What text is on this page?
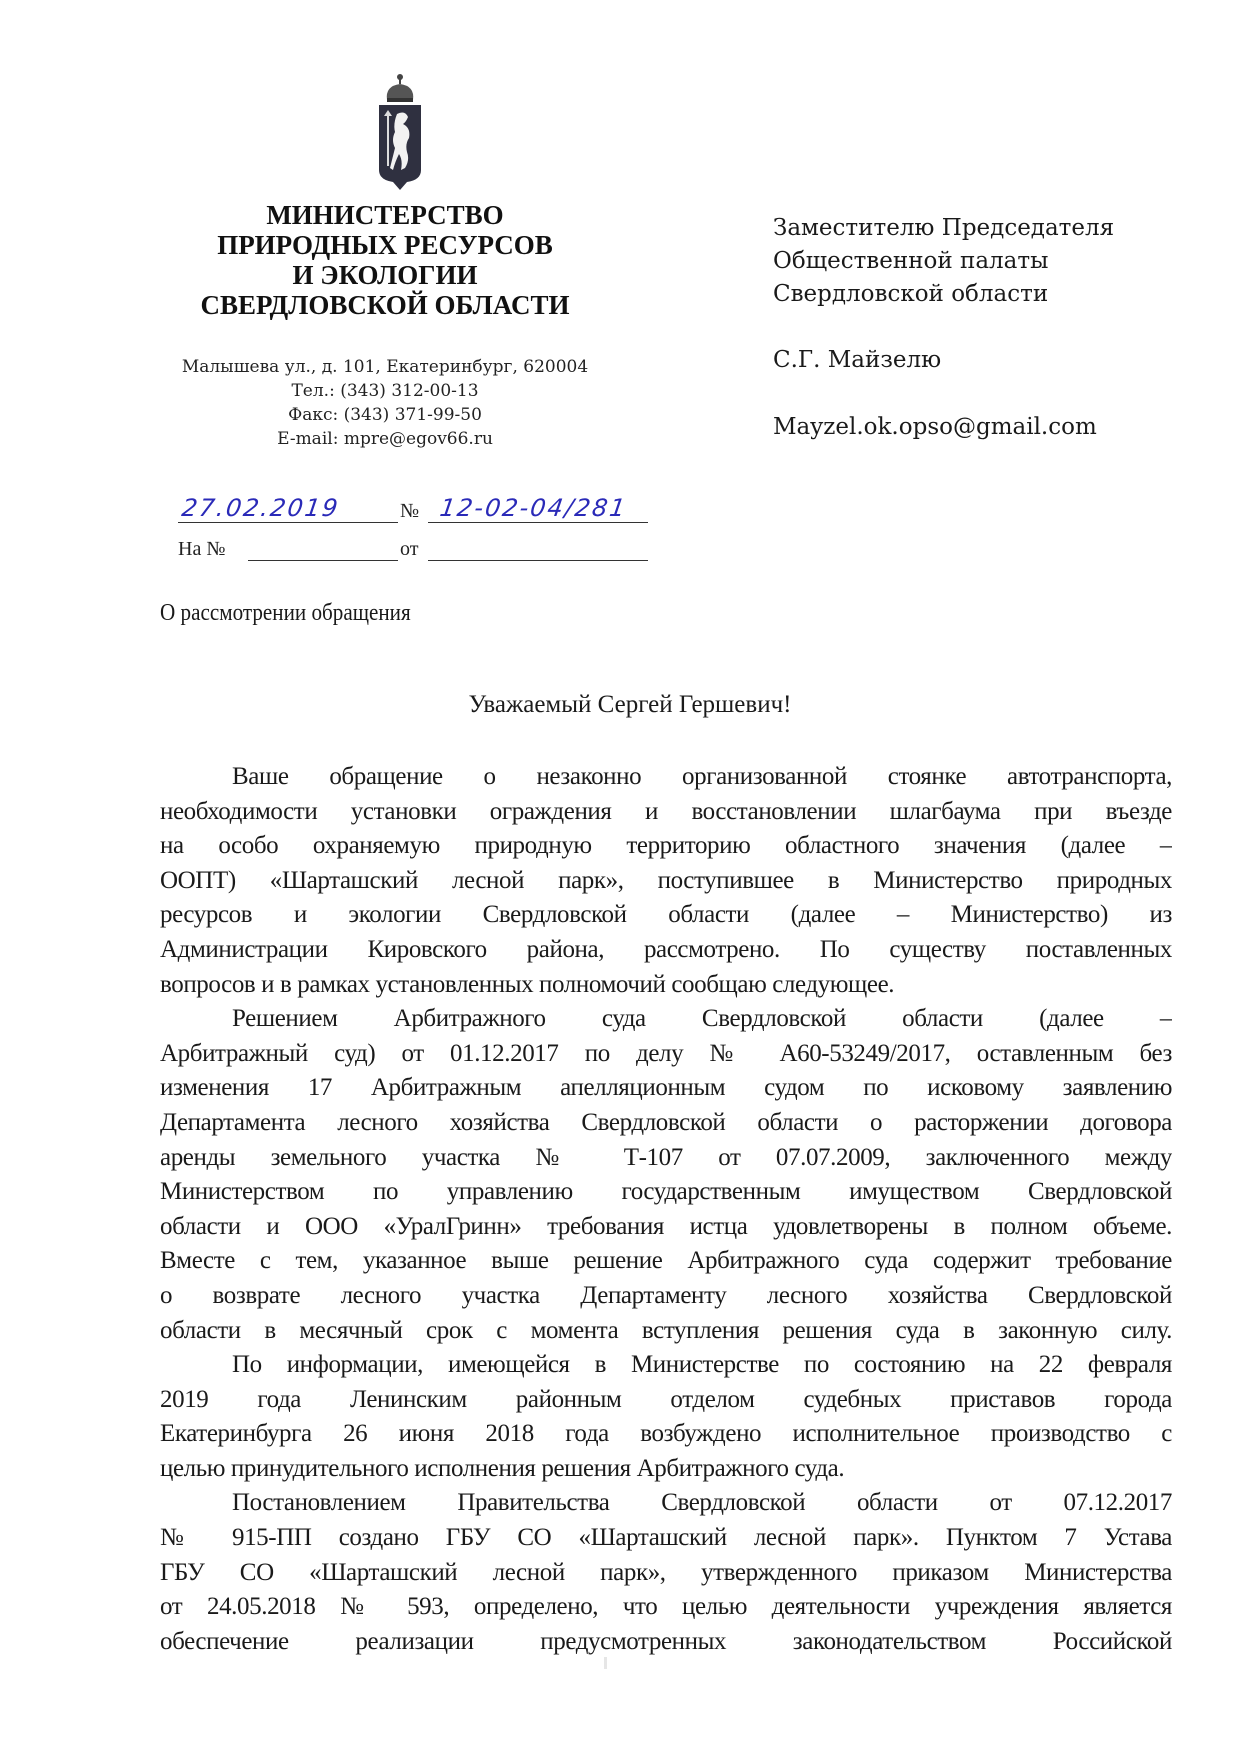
МИНИСТЕРСТВО
ПРИРОДНЫХ РЕСУРСОВ
И ЭКОЛОГИИ
СВЕРДЛОВСКОЙ ОБЛАСТИ
Малышева ул., д. 101, Екатеринбург, 620004
Тел.: (343) 312-00-13
Факс: (343) 371-99-50
E-mail: mpre@egov66.ru
27.02.2019	№ 12-02-04/281
На №	от
Заместителю Председателя
Общественной палаты
Свердловской области
С.Г. Майзелю
Mayzel.ok.opso@gmail.com
О рассмотрении обращения
Уважаемый Сергей Гершевич!
Ваше обращение о незаконно организованной стоянке автотранспорта,
необходимости установки ограждения и восстановлении шлагбаума при въезде
на особо охраняемую природную территорию областного значения (далее –
ООПТ) «Шарташский лесной парк», поступившее в Министерство природных
ресурсов и экологии Свердловской области (далее – Министерство) из
Администрации Кировского района, рассмотрено. По существу поставленных
вопросов и в рамках установленных полномочий сообщаю следующее.
Решением Арбитражного суда Свердловской области (далее –
Арбитражный суд) от 01.12.2017 по делу № А60-53249/2017, оставленным без
изменения 17 Арбитражным апелляционным судом по исковому заявлению
Департамента лесного хозяйства Свердловской области о расторжении договора
аренды земельного участка № Т-107 от 07.07.2009, заключенного между
Министерством по управлению государственным имуществом Свердловской
области и ООО «УралГринн» требования истца удовлетворены в полном объеме.
Вместе с тем, указанное выше решение Арбитражного суда содержит требование
о возврате лесного участка Департаменту лесного хозяйства Свердловской
области в месячный срок с момента вступления решения суда в законную силу.
По информации, имеющейся в Министерстве по состоянию на 22 февраля
2019 года Ленинским районным отделом судебных приставов города
Екатеринбурга 26 июня 2018 года возбуждено исполнительное производство с
целью принудительного исполнения решения Арбитражного суда.
Постановлением Правительства Свердловской области от 07.12.2017
№ 915-ПП создано ГБУ СО «Шарташский лесной парк». Пунктом 7 Устава
ГБУ СО «Шарташский лесной парк», утвержденного приказом Министерства
от 24.05.2018 № 593, определено, что целью деятельности учреждения является
обеспечение реализации предусмотренных законодательством Российской
